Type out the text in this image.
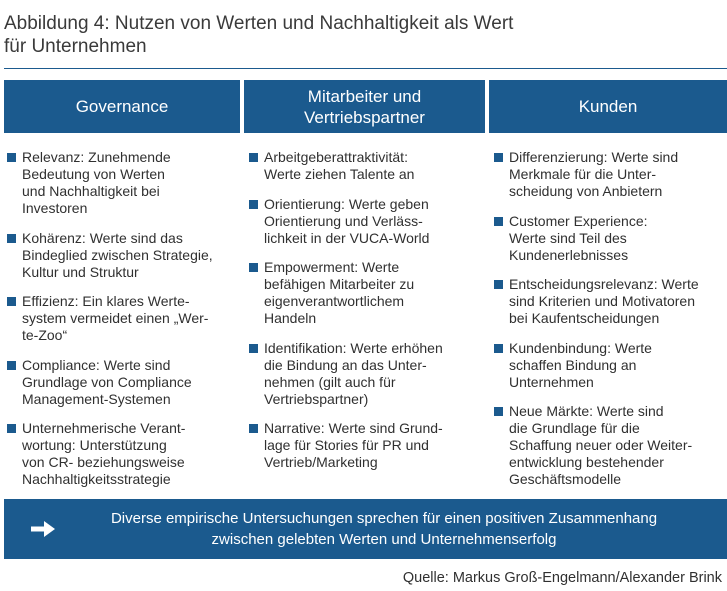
Abbildung 4: Nutzen von Werten und Nachhaltigkeit als Wert
für Unternehmen
Governance
Mitarbeiter und
Vertriebspartner
Kunden
Relevanz: Zunehmende
Bedeutung von Werten
und Nachhaltigkeit bei
Investoren
Kohärenz: Werte sind das
Bindeglied zwischen Strategie,
Kultur und Struktur
Effizienz: Ein klares Werte-
system vermeidet einen „Wer-
te-Zoo“
Compliance: Werte sind
Grundlage von Compliance
Management-Systemen
Unternehmerische Verant-
wortung: Unterstützung
von CR- beziehungsweise
Nachhaltigkeitsstrategie
Arbeitgeberattraktivität:
Werte ziehen Talente an
Orientierung: Werte geben
Orientierung und Verläss-
lichkeit in der VUCA-World
Empowerment: Werte
befähigen Mitarbeiter zu
eigenverantwortlichem
Handeln
Identifikation: Werte erhöhen
die Bindung an das Unter-
nehmen (gilt auch für
Vertriebspartner)
Narrative: Werte sind Grund-
lage für Stories für PR und
Vertrieb/Marketing
Differenzierung: Werte sind
Merkmale für die Unter-
scheidung von Anbietern
Customer Experience:
Werte sind Teil des
Kundenerlebnisses
Entscheidungsrelevanz: Werte
sind Kriterien und Motivatoren
bei Kaufentscheidungen
Kundenbindung: Werte
schaffen Bindung an
Unternehmen
Neue Märkte: Werte sind
die Grundlage für die
Schaffung neuer oder Weiter-
entwicklung bestehender
Geschäftsmodelle
Diverse empirische Untersuchungen sprechen für einen positiven Zusammenhang
zwischen gelebten Werten und Unternehmenserfolg
Quelle: Markus Groß-Engelmann/Alexander Brink
